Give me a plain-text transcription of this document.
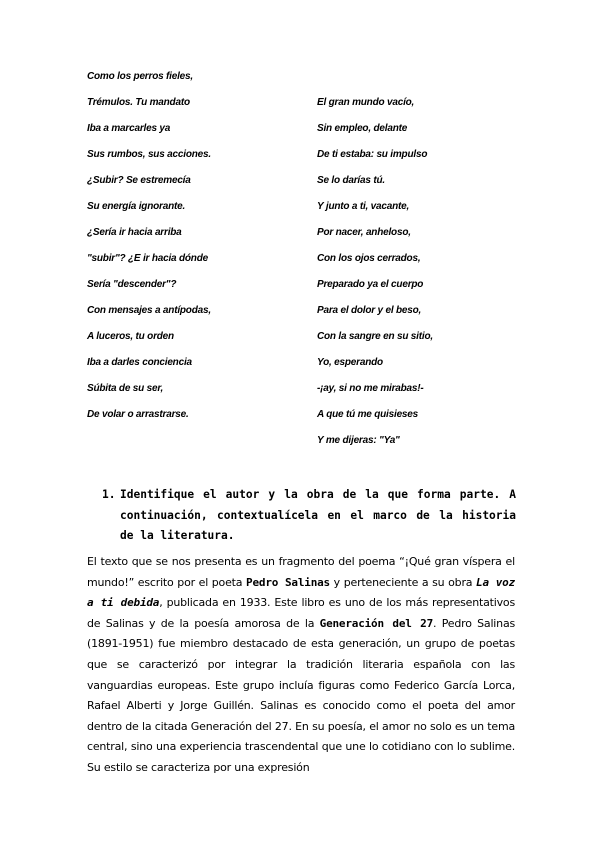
Como los perros fieles,
Trémulos. Tu mandato
Iba a marcarles ya
Sus rumbos, sus acciones.
¿Subir? Se estremecía
Su energía ignorante.
¿Sería ir hacia arriba
"subir"? ¿E ir hacia dónde
Sería "descender"?
Con mensajes a antípodas,
A luceros, tu orden
Iba a darles conciencia
Súbita de su ser,
De volar o arrastrarse.
El gran mundo vacío,
Sin empleo, delante
De ti estaba: su impulso
Se lo darías tú.
Y junto a ti, vacante,
Por nacer, anheloso,
Con los ojos cerrados,
Preparado ya el cuerpo
Para el dolor y el beso,
Con la sangre en su sitio,
Yo, esperando
-¡ay, si no me mirabas!-
A que tú me quisieses
Y me dijeras: "Ya"
1. Identifique el autor y la obra de la que forma parte. A continuación, contextualícela en el marco de la historia de la literatura.

El texto que se nos presenta es un fragmento del poema “¡Qué gran víspera el mundo!” escrito por el poeta Pedro Salinas y perteneciente a su obra La voz a ti debida, publicada en 1933. Este libro es uno de los más representativos de Salinas y de la poesía amorosa de la Generación del 27. Pedro Salinas (1891-1951) fue miembro destacado de esta generación, un grupo de poetas que se caracterizó por integrar la tradición literaria española con las vanguardias europeas. Este grupo incluía figuras como Federico García Lorca, Rafael Alberti y Jorge Guillén. Salinas es conocido como el poeta del amor dentro de la citada Generación del 27. En su poesía, el amor no solo es un tema central, sino una experiencia trascendental que une lo cotidiano con lo sublime. Su estilo se caracteriza por una expresión
